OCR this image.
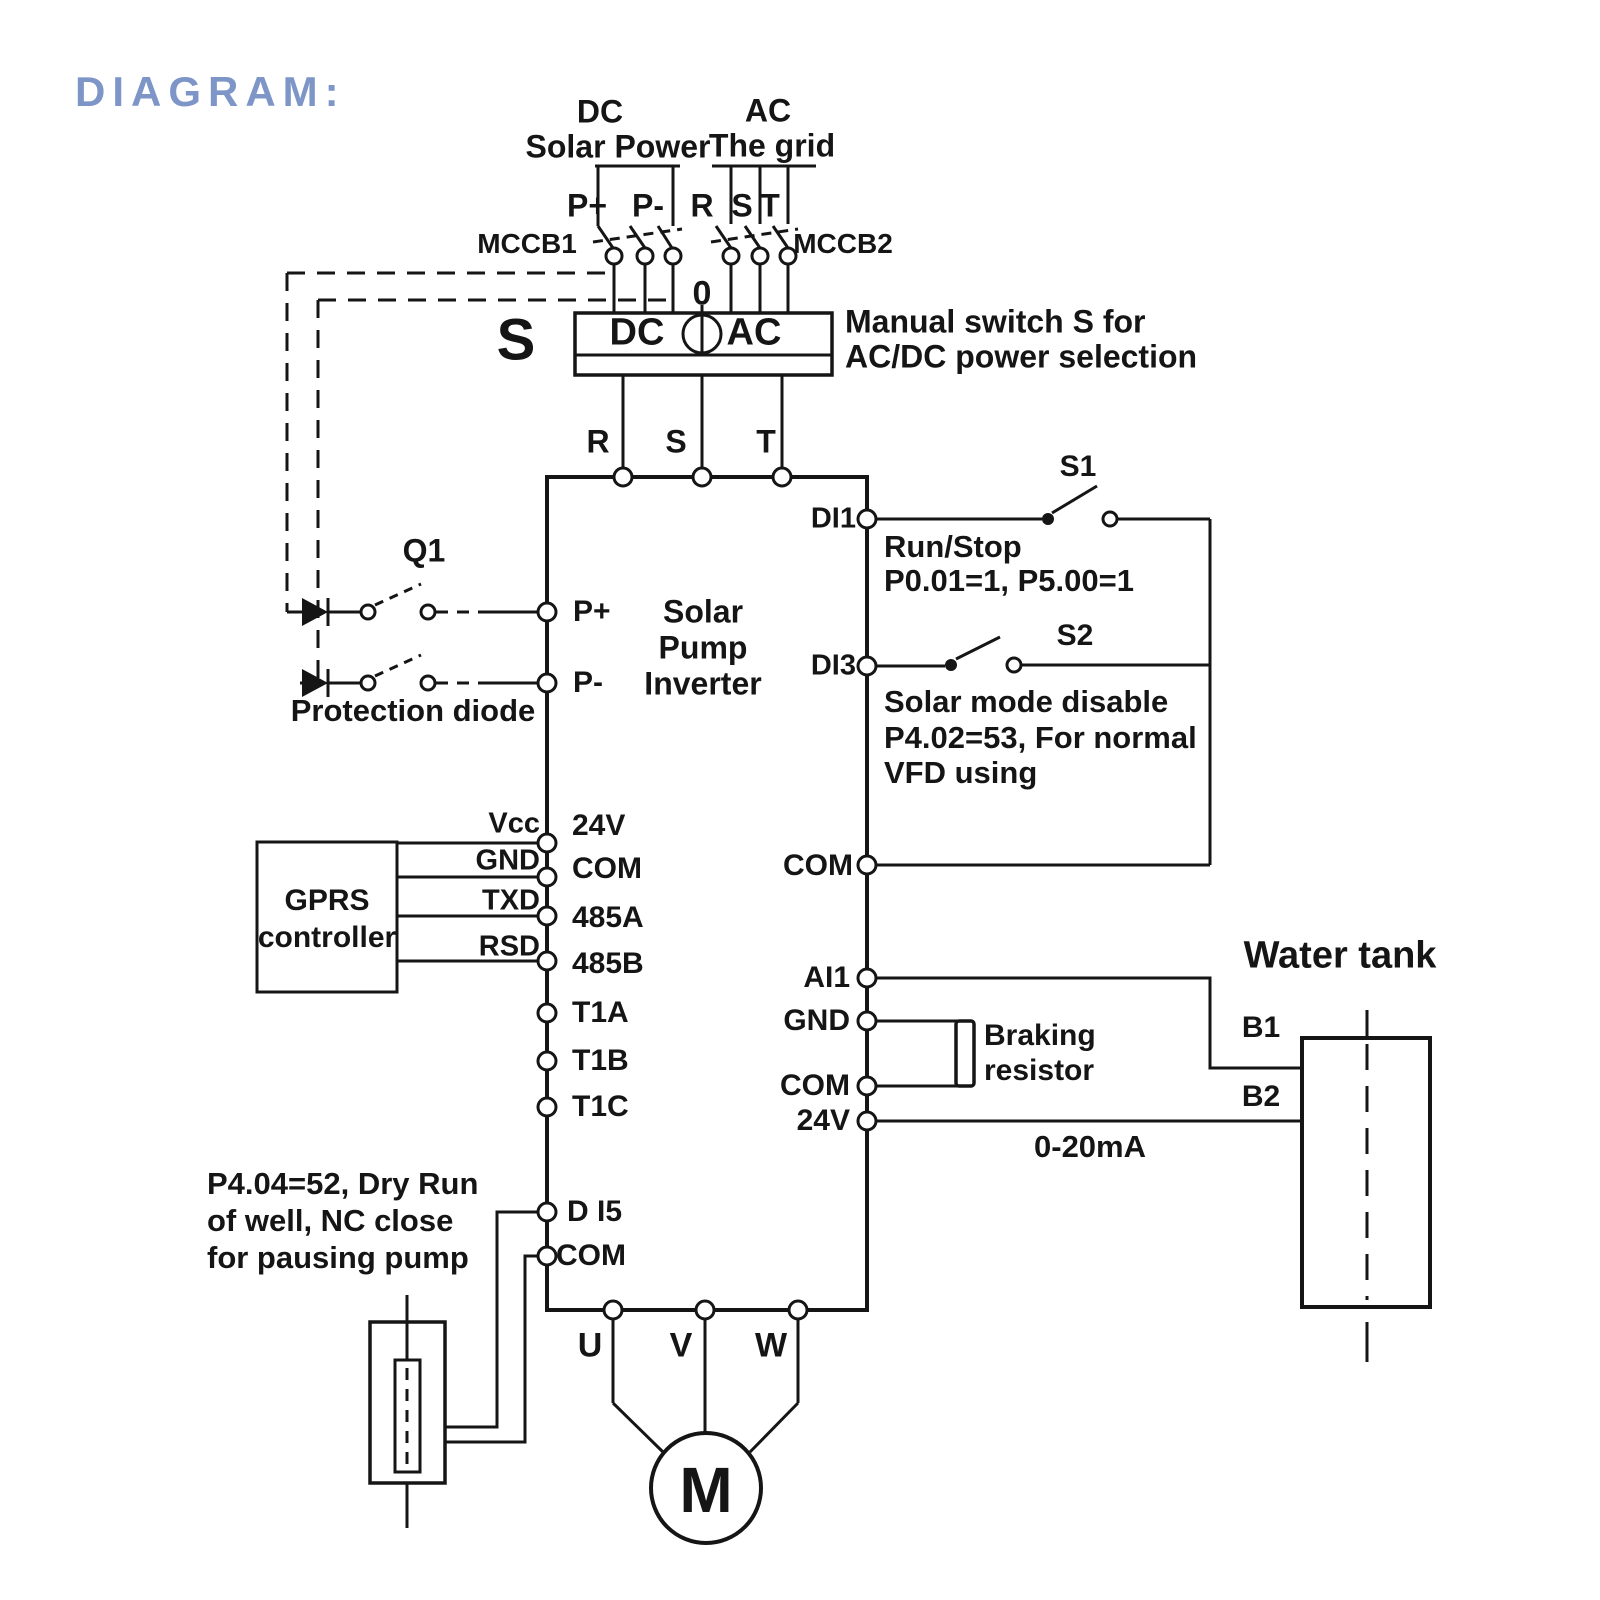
DIAGRAM:	DC
Solar Power
AC
The grid
P+ P- R S T
MCCB1	MCCB2
S
0
DC AC Manual switch S for
AC/DC power selection
R S T
Q1
Protection diode
Solar
Pump
Inverter
P+
P-
DI1
DI3
COM
AI1
GND
COM
24V
S1
Run/Stop
P0.01=1, P5.00=1
S2
Solar mode disable
P4.02=53, For normal
VFD using
GPRS
controller
Vcc
GND
TXD
RSD
24V
COM
485A
485B
T1A
T1B
T1C
D I5
COM
Braking
resistor
Water tank
B1
B2
0-20mA
P4.04=52, Dry Run
of well, NC close
for pausing pump
U V W
M
